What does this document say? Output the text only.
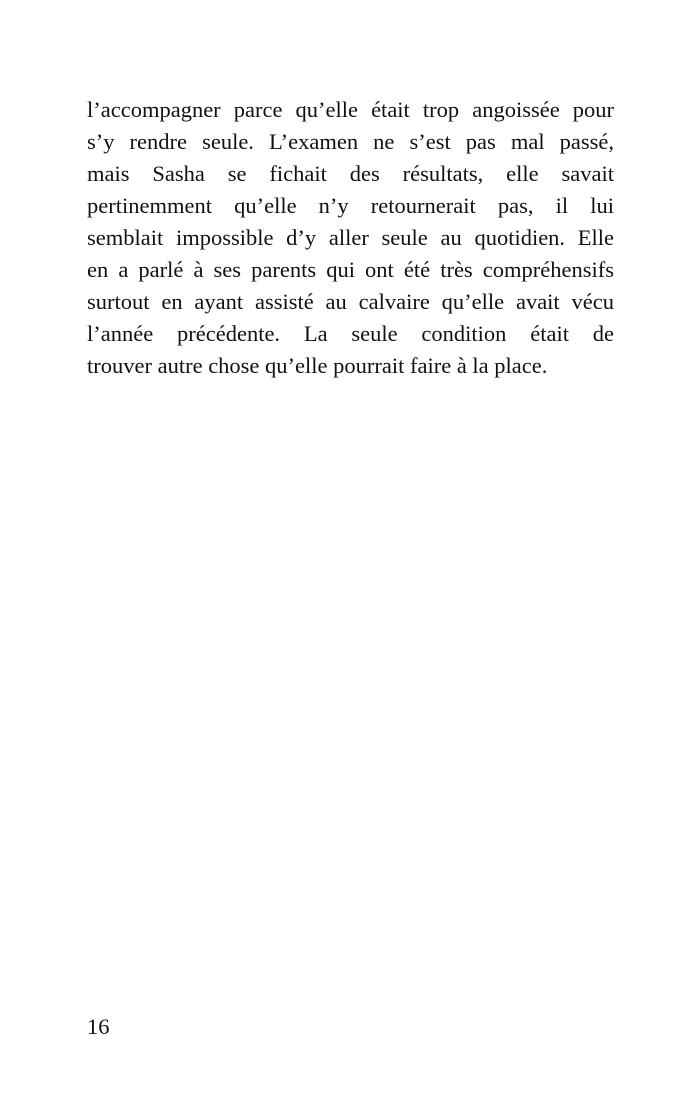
l’accompagner parce qu’elle était trop angoissée pour
s’y rendre seule. L’examen ne s’est pas mal passé,
mais Sasha se fichait des résultats, elle savait
pertinemment qu’elle n’y retournerait pas, il lui
semblait impossible d’y aller seule au quotidien. Elle
en a parlé à ses parents qui ont été très compréhensifs
surtout en ayant assisté au calvaire qu’elle avait vécu
l’année précédente. La seule condition était de
trouver autre chose qu’elle pourrait faire à la place.
16
